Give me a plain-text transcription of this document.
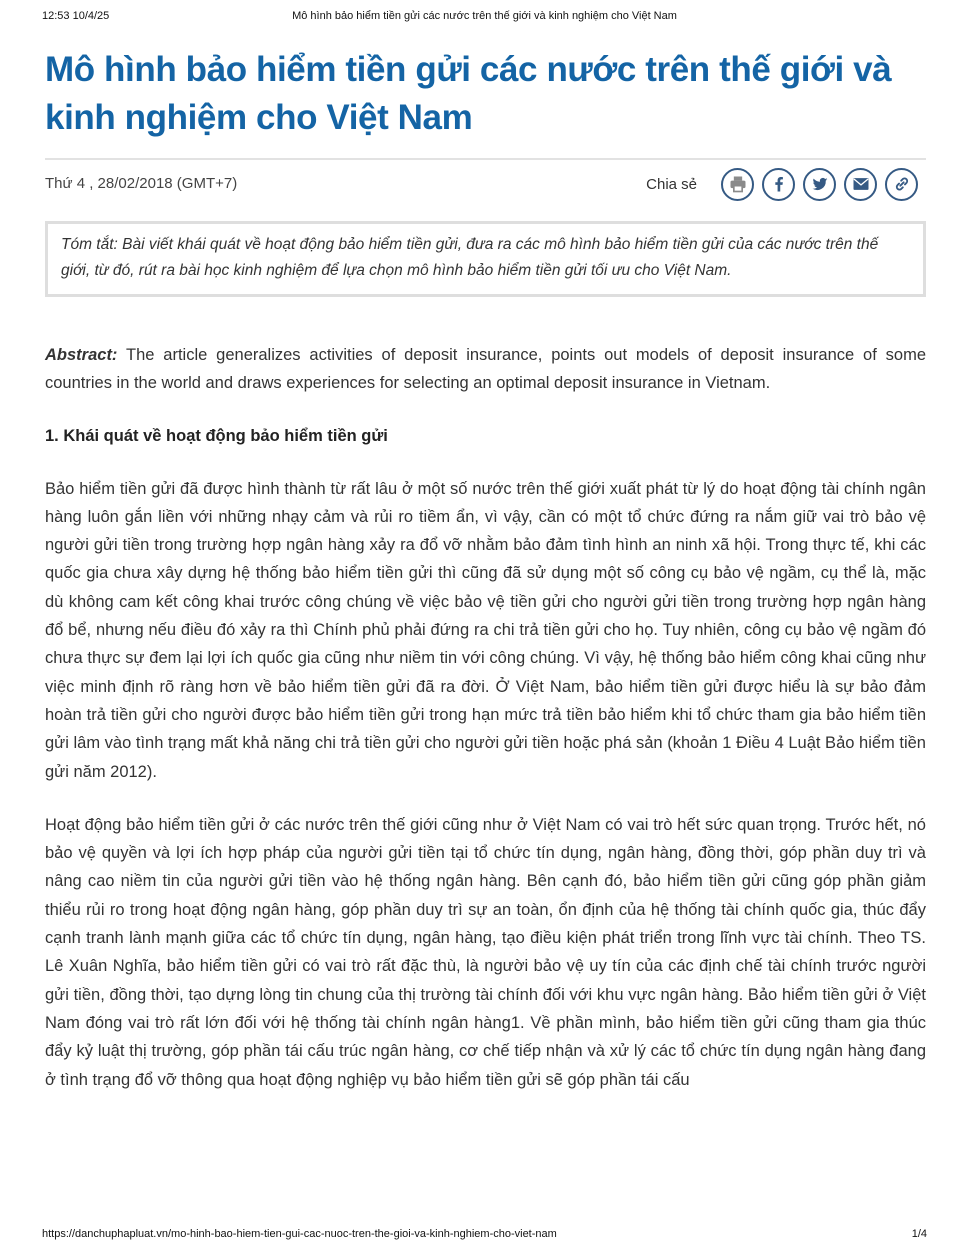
12:53 10/4/25	Mô hình bảo hiểm tiền gửi các nước trên thế giới và kinh nghiệm cho Việt Nam
Mô hình bảo hiểm tiền gửi các nước trên thế giới và kinh nghiệm cho Việt Nam
Thứ 4 , 28/02/2018 (GMT+7)	Chia sẻ
Tóm tắt: Bài viết khái quát về hoạt động bảo hiểm tiền gửi, đưa ra các mô hình bảo hiểm tiền gửi của các nước trên thế giới, từ đó, rút ra bài học kinh nghiệm để lựa chọn mô hình bảo hiểm tiền gửi tối ưu cho Việt Nam.
Abstract: The article generalizes activities of deposit insurance, points out models of deposit insurance of some countries in the world and draws experiences for selecting an optimal deposit insurance in Vietnam.
1. Khái quát về hoạt động bảo hiểm tiền gửi

Bảo hiểm tiền gửi đã được hình thành từ rất lâu ở một số nước trên thế giới xuất phát từ lý do hoạt động tài chính ngân hàng luôn gắn liền với những nhạy cảm và rủi ro tiềm ẩn, vì vậy, cần có một tổ chức đứng ra nắm giữ vai trò bảo vệ người gửi tiền trong trường hợp ngân hàng xảy ra đổ vỡ nhằm bảo đảm tình hình an ninh xã hội. Trong thực tế, khi các quốc gia chưa xây dựng hệ thống bảo hiểm tiền gửi thì cũng đã sử dụng một số công cụ bảo vệ ngầm, cụ thể là, mặc dù không cam kết công khai trước công chúng về việc bảo vệ tiền gửi cho người gửi tiền trong trường hợp ngân hàng đổ bể, nhưng nếu điều đó xảy ra thì Chính phủ phải đứng ra chi trả tiền gửi cho họ. Tuy nhiên, công cụ bảo vệ ngầm đó chưa thực sự đem lại lợi ích quốc gia cũng như niềm tin với công chúng. Vì vậy, hệ thống bảo hiểm công khai cũng như việc minh định rõ ràng hơn về bảo hiểm tiền gửi đã ra đời. Ở Việt Nam, bảo hiểm tiền gửi được hiểu là sự bảo đảm hoàn trả tiền gửi cho người được bảo hiểm tiền gửi trong hạn mức trả tiền bảo hiểm khi tổ chức tham gia bảo hiểm tiền gửi lâm vào tình trạng mất khả năng chi trả tiền gửi cho người gửi tiền hoặc phá sản (khoản 1 Điều 4 Luật Bảo hiểm tiền gửi năm 2012).

Hoạt động bảo hiểm tiền gửi ở các nước trên thế giới cũng như ở Việt Nam có vai trò hết sức quan trọng. Trước hết, nó bảo vệ quyền và lợi ích hợp pháp của người gửi tiền tại tổ chức tín dụng, ngân hàng, đồng thời, góp phần duy trì và nâng cao niềm tin của người gửi tiền vào hệ thống ngân hàng. Bên cạnh đó, bảo hiểm tiền gửi cũng góp phần giảm thiểu rủi ro trong hoạt động ngân hàng, góp phần duy trì sự an toàn, ổn định của hệ thống tài chính quốc gia, thúc đẩy cạnh tranh lành mạnh giữa các tổ chức tín dụng, ngân hàng, tạo điều kiện phát triển trong lĩnh vực tài chính. Theo TS. Lê Xuân Nghĩa, bảo hiểm tiền gửi có vai trò rất đặc thù, là người bảo vệ uy tín của các định chế tài chính trước người gửi tiền, đồng thời, tạo dựng lòng tin chung của thị trường tài chính đối với khu vực ngân hàng. Bảo hiểm tiền gửi ở Việt Nam đóng vai trò rất lớn đối với hệ thống tài chính ngân hàng1. Về phần mình, bảo hiểm tiền gửi cũng tham gia thúc đẩy kỷ luật thị trường, góp phần tái cấu trúc ngân hàng, cơ chế tiếp nhận và xử lý các tổ chức tín dụng ngân hàng đang ở tình trạng đổ vỡ thông qua hoạt động nghiệp vụ bảo hiểm tiền gửi sẽ góp phần tái cấu

https://danchuphapluat.vn/mo-hinh-bao-hiem-tien-gui-cac-nuoc-tren-the-gioi-va-kinh-nghiem-cho-viet-nam	1/4
